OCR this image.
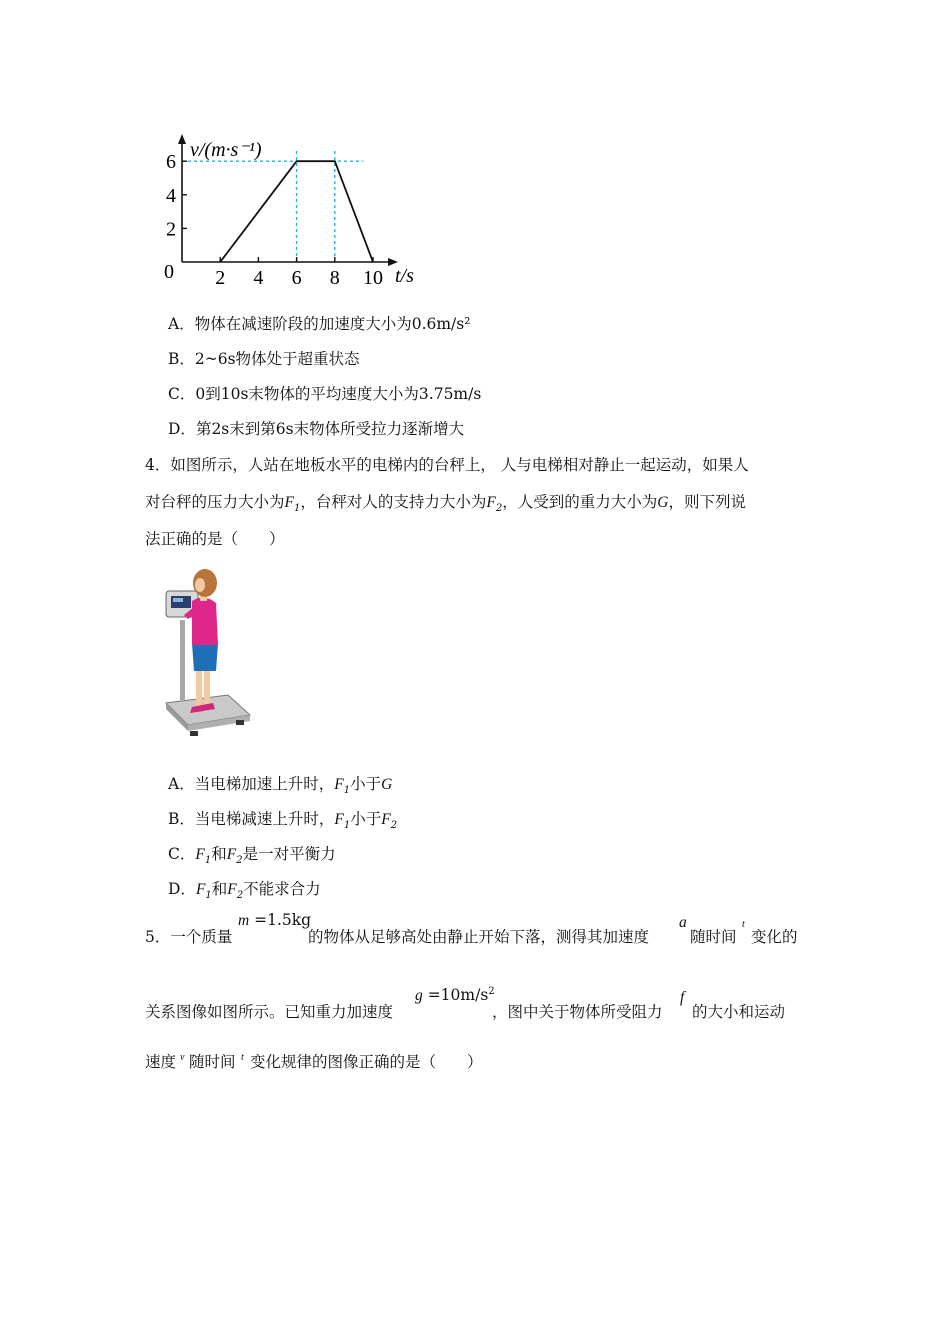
2 4 6 8 10
2
4
6
0
v/(m·s⁻¹)
t/s
A．物体在减速阶段的加速度大小为0.6m/s²
B．2~6s物体处于超重状态
C．0到10s末物体的平均速度大小为3.75m/s
D．第2s末到第6s末物体所受拉力逐渐增大
4．如图所示，人站在地板水平的电梯内的台秤上， 人与电梯相对静止一起运动，如果人
对台秤的压力大小为$F_1$，台秤对人的支持力大小为$F_2$，人受到的重力大小为G，则下列说
法正确的是（　　）
A．当电梯加速上升时，$F_1$小于G
B．当电梯减速上升时，$F_1$小于$F_2$
C．$F_1$和$F_2$是一对平衡力
D．$F_1$和$F_2$不能求合力
5．一个质量
m =1.5kg
的物体从足够高处由静止开始下落，测得其加速度
a
随时间
t
变化的
关系图像如图所示。已知重力加速度
$g =10m/s^2$
，图中关于物体所受阻力
f
的大小和运动
速度 v 随时间 t 变化规律的图像正确的是（　　）
